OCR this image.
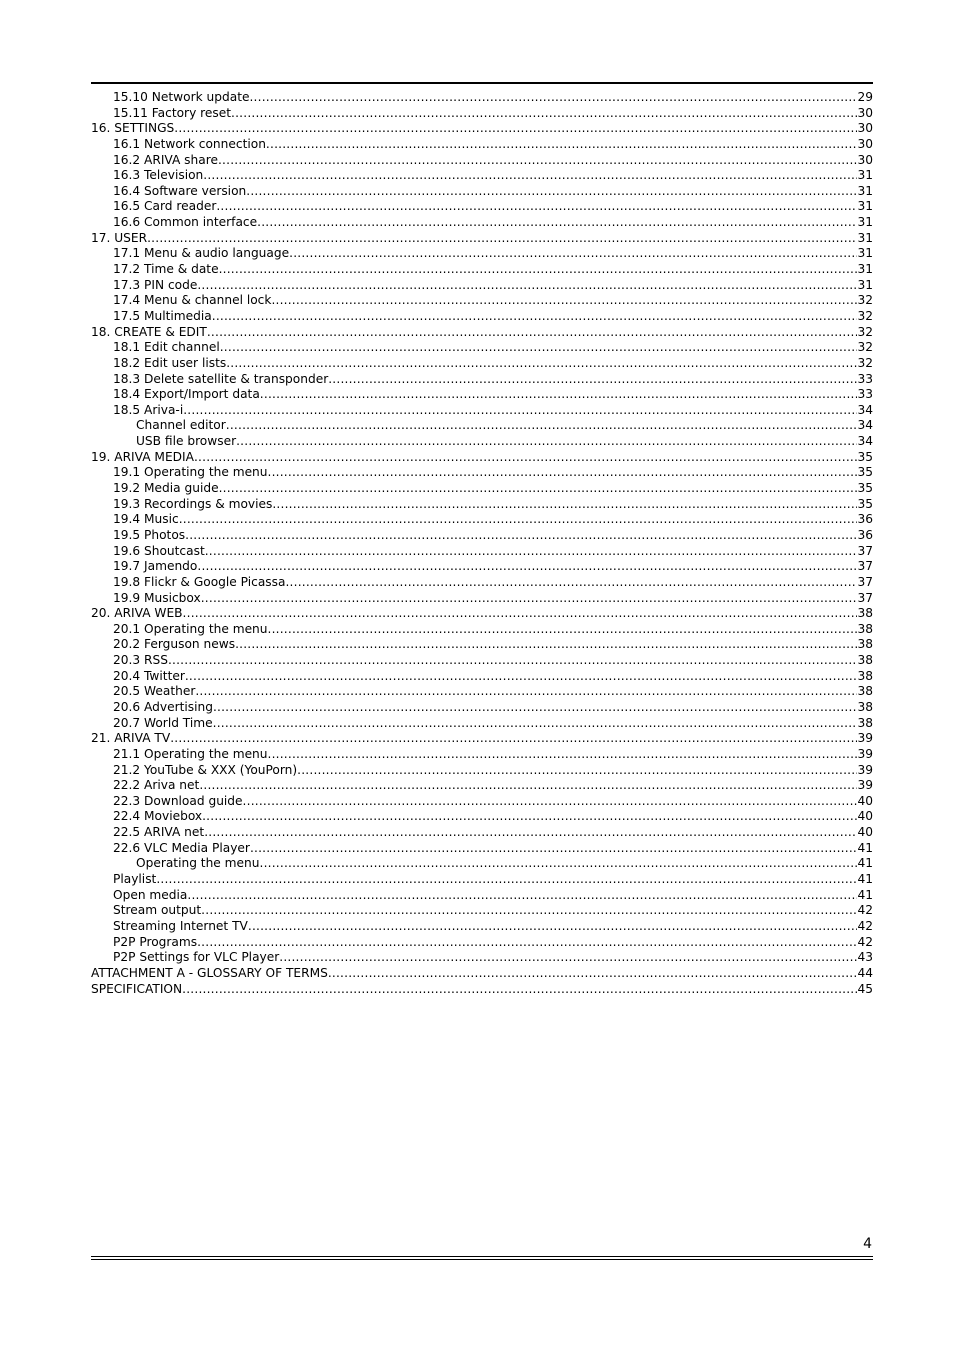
15.10 Network update .....	29
15.11 Factory reset .....	30
16. SETTINGS .....	30
16.1 Network connection .....	30
16.2 ARIVA share .....	30
16.3 Television .....	31
16.4 Software version .....	31
16.5 Card reader .....	31
16.6 Common interface .....	31
17. USER .....	31
17.1 Menu & audio language .....	31
17.2 Time & date .....	31
17.3 PIN code .....	31
17.4 Menu & channel lock .....	32
17.5 Multimedia .....	32
18. CREATE & EDIT .....	32
18.1 Edit channel .....	32
18.2 Edit user lists .....	32
18.3 Delete satellite & transponder .....	33
18.4 Export/Import data .....	33
18.5 Ariva-i .....	34
Channel editor .....	34
USB file browser .....	34
19. ARIVA MEDIA .....	35
19.1 Operating the menu .....	35
19.2 Media guide .....	35
19.3 Recordings & movies .....	35
19.4 Music .....	36
19.5 Photos .....	36
19.6 Shoutcast .....	37
19.7 Jamendo .....	37
19.8 Flickr & Google Picassa .....	37
19.9 Musicbox .....	37
20. ARIVA WEB .....	38
20.1 Operating the menu .....	38
20.2 Ferguson news .....	38
20.3 RSS .....	38
20.4 Twitter .....	38
20.5 Weather .....	38
20.6 Advertising .....	38
20.7 World Time .....	38
21. ARIVA TV .....	39
21.1 Operating the menu .....	39
21.2 YouTube & XXX (YouPorn) .....	39
22.2 Ariva net .....	39
22.3 Download guide .....	40
22.4 Moviebox .....	40
22.5 ARIVA net .....	40
22.6 VLC Media Player .....	41
Operating the menu .....	41
Playlist .....	41
Open media .....	41
Stream output .....	42
Streaming Internet TV .....	42
P2P Programs .....	42
P2P Settings for VLC Player .....	43
ATTACHMENT A - GLOSSARY OF TERMS .....	44
SPECIFICATION .....	45
4
